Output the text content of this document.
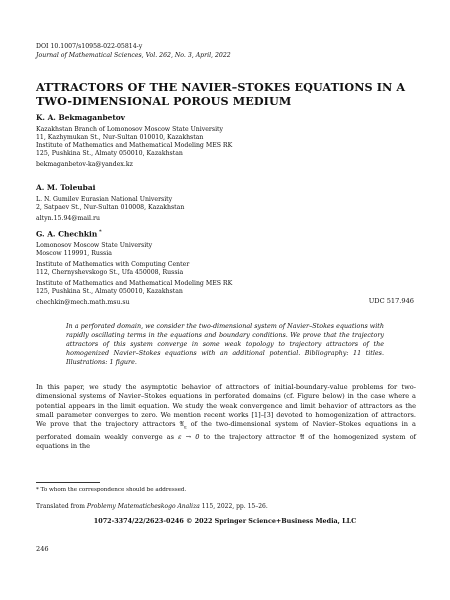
DOI 10.1007/s10958-022-05814-y
Journal of Mathematical Sciences, Vol. 262, No. 3, April, 2022
ATTRACTORS OF THE NAVIER–STOKES EQUATIONS IN A TWO-DIMENSIONAL POROUS MEDIUM
K. A. Bekmaganbetov
Kazakhstan Branch of Lomonosov Moscow State University
11, Kazhymukan St., Nur-Sultan 010010, Kazakhstan
Institute of Mathematics and Mathematical Modeling MES RK
125, Pushkina St., Almaty 050010, Kazakhstan
bekmaganbetov-ka@yandex.kz
A. M. Toleubai
L. N. Gumilev Eurasian National University
2, Satpaev St., Nur-Sultan 010008, Kazakhstan
altyn.15.94@mail.ru
G. A. Chechkin *
Lomonosov Moscow State University
Moscow 119991, Russia
Institute of Mathematics with Computing Center
112, Chernyshevskogo St., Ufa 450008, Russia
Institute of Mathematics and Mathematical Modeling MES RK
125, Pushkina St., Almaty 050010, Kazakhstan
chechkin@mech.math.msu.su	UDC 517.946
In a perforated domain, we consider the two-dimensional system of Navier–Stokes equations with rapidly oscillating terms in the equations and boundary conditions. We prove that the trajectory attractors of this system converge in some weak topology to trajectory attractors of the homogenized Navier–Stokes equations with an additional potential. Bibliography: 11 titles. Illustrations: 1 figure.
In this paper, we study the asymptotic behavior of attractors of initial-boundary-value problems for two-dimensional systems of Navier–Stokes equations in perforated domains (cf. Figure below) in the case where a potential appears in the limit equation. We study the weak convergence and limit behavior of attractors as the small parameter converges to zero. We mention recent works [1]–[3] devoted to homogenization of attractors. We prove that the trajectory attractors 𝔄$_\varepsilon$ of the two-dimensional system of Navier–Stokes equations in a perforated domain weakly converge as ε → 0 to the trajectory attractor 𝔄̄ of the homogenized system of equations in the
* To whom the correspondence should be addressed.
Translated from Problemy Matematicheskogo Analiza 115, 2022, pp. 15–26.
1072-3374/22/2623-0246 © 2022 Springer Science+Business Media, LLC
246
